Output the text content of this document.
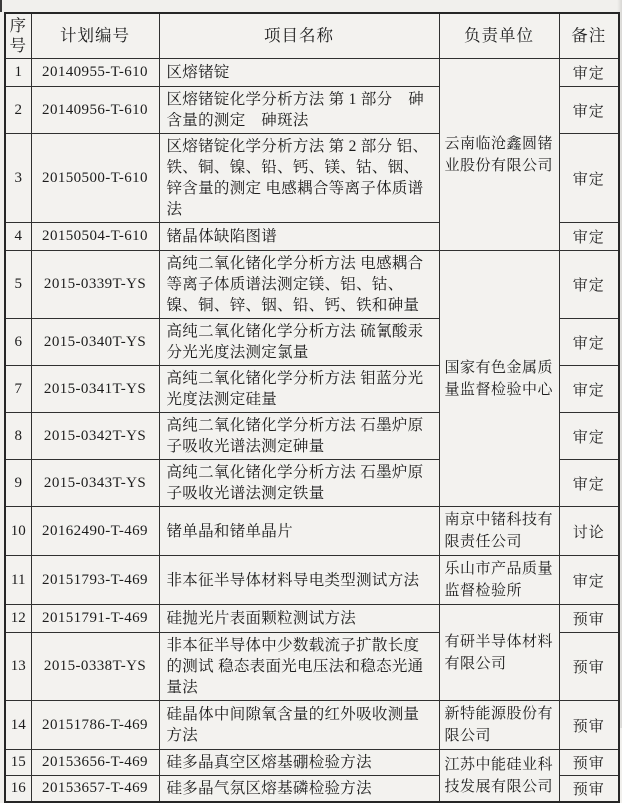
序号	计划编号	项目名称	负责单位	备注
1	20140955-T-610	区熔锗锭	云南临沧鑫圆锗业股份有限公司	审定
2	20140956-T-610	区熔锗锭化学分析方法 第 1 部分　砷含量的测定　砷斑法		审定
3	20150500-T-610	区熔锗锭化学分析方法 第 2 部分 铝、铁、铜、镍、铅、钙、镁、钴、铟、锌含量的测定 电感耦合等离子体质谱法		审定
4	20150504-T-610	锗晶体缺陷图谱		审定
5	2015-0339T-YS	高纯二氧化锗化学分析方法 电感耦合等离子体质谱法测定镁、铝、钴、镍、铜、锌、铟、铅、钙、铁和砷量	国家有色金属质量监督检验中心	审定
6	2015-0340T-YS	高纯二氧化锗化学分析方法 硫氰酸汞分光光度法测定氯量		审定
7	2015-0341T-YS	高纯二氧化锗化学分析方法 钼蓝分光光度法测定硅量		审定
8	2015-0342T-YS	高纯二氧化锗化学分析方法 石墨炉原子吸收光谱法测定砷量		审定
9	2015-0343T-YS	高纯二氧化锗化学分析方法 石墨炉原子吸收光谱法测定铁量		审定
10	20162490-T-469	锗单晶和锗单晶片	南京中锗科技有限责任公司	讨论
11	20151793-T-469	非本征半导体材料导电类型测试方法	乐山市产品质量监督检验所	审定
12	20151791-T-469	硅抛光片表面颗粒测试方法	有研半导体材料有限公司	预审
13	2015-0338T-YS	非本征半导体中少数载流子扩散长度的测试 稳态表面光电压法和稳态光通量法		预审
14	20151786-T-469	硅晶体中间隙氧含量的红外吸收测量方法	新特能源股份有限公司	预审
15	20153656-T-469	硅多晶真空区熔基硼检验方法	江苏中能硅业科技发展有限公司	预审
16	20153657-T-469	硅多晶气氛区熔基磷检验方法		预审
